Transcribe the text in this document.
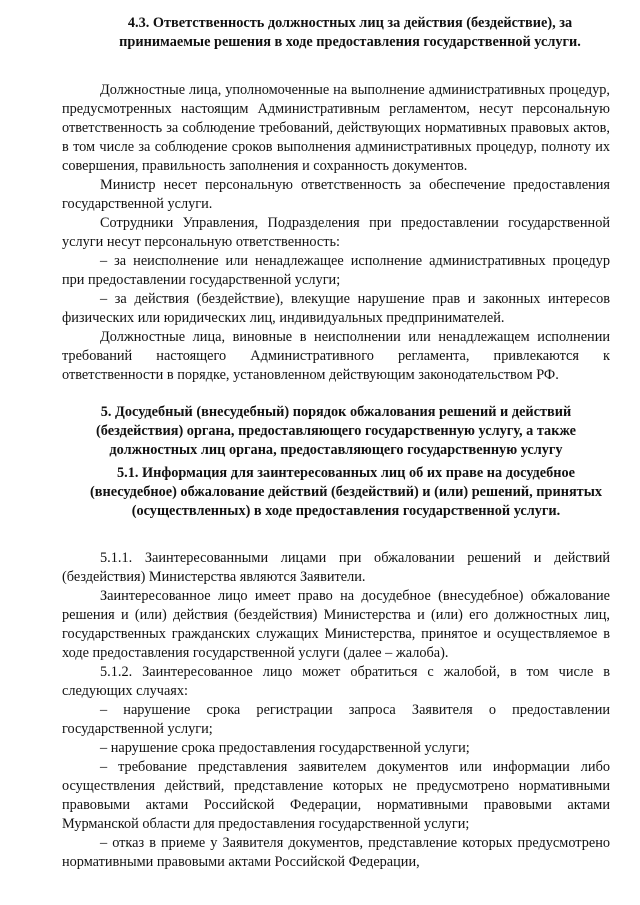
4.3. Ответственность должностных лиц за действия (бездействие), за принимаемые решения в ходе предоставления государственной услуги.

Должностные лица, уполномоченные на выполнение административных процедур, предусмотренных настоящим Административным регламентом, несут персональную ответственность за соблюдение требований, действующих нормативных правовых актов, в том числе за соблюдение сроков выполнения административных процедур, полноту их совершения, правильность заполнения и сохранность документов.

Министр несет персональную ответственность за обеспечение предоставления государственной услуги.

Сотрудники Управления, Подразделения при предоставлении государственной услуги несут персональную ответственность:

– за неисполнение или ненадлежащее исполнение административных процедур при предоставлении государственной услуги;

– за действия (бездействие), влекущие нарушение прав и законных интересов физических или юридических лиц, индивидуальных предпринимателей.

Должностные лица, виновные в неисполнении или ненадлежащем исполнении требований настоящего Административного регламента, привлекаются к ответственности в порядке, установленном действующим законодательством РФ.

5. Досудебный (внесудебный) порядок обжалования решений и действий (бездействия) органа, предоставляющего государственную услугу, а также должностных лиц органа, предоставляющего государственную услугу

5.1. Информация для заинтересованных лиц об их праве на досудебное (внесудебное) обжалование действий (бездействий) и (или) решений, принятых (осуществленных) в ходе предоставления государственной услуги.

5.1.1. Заинтересованными лицами при обжаловании решений и действий (бездействия) Министерства являются Заявители.

Заинтересованное лицо имеет право на досудебное (внесудебное) обжалование решения и (или) действия (бездействия) Министерства и (или) его должностных лиц, государственных гражданских служащих Министерства, принятое и осуществляемое в ходе предоставления государственной услуги (далее – жалоба).

5.1.2. Заинтересованное лицо может обратиться с жалобой, в том числе в следующих случаях:

– нарушение срока регистрации запроса Заявителя о предоставлении государственной услуги;

– нарушение срока предоставления государственной услуги;

– требование представления заявителем документов или информации либо осуществления действий, представление которых не предусмотрено нормативными правовыми актами Российской Федерации, нормативными правовыми актами Мурманской области для предоставления государственной услуги;

– отказ в приеме у Заявителя документов, представление которых предусмотрено нормативными правовыми актами Российской Федерации,
